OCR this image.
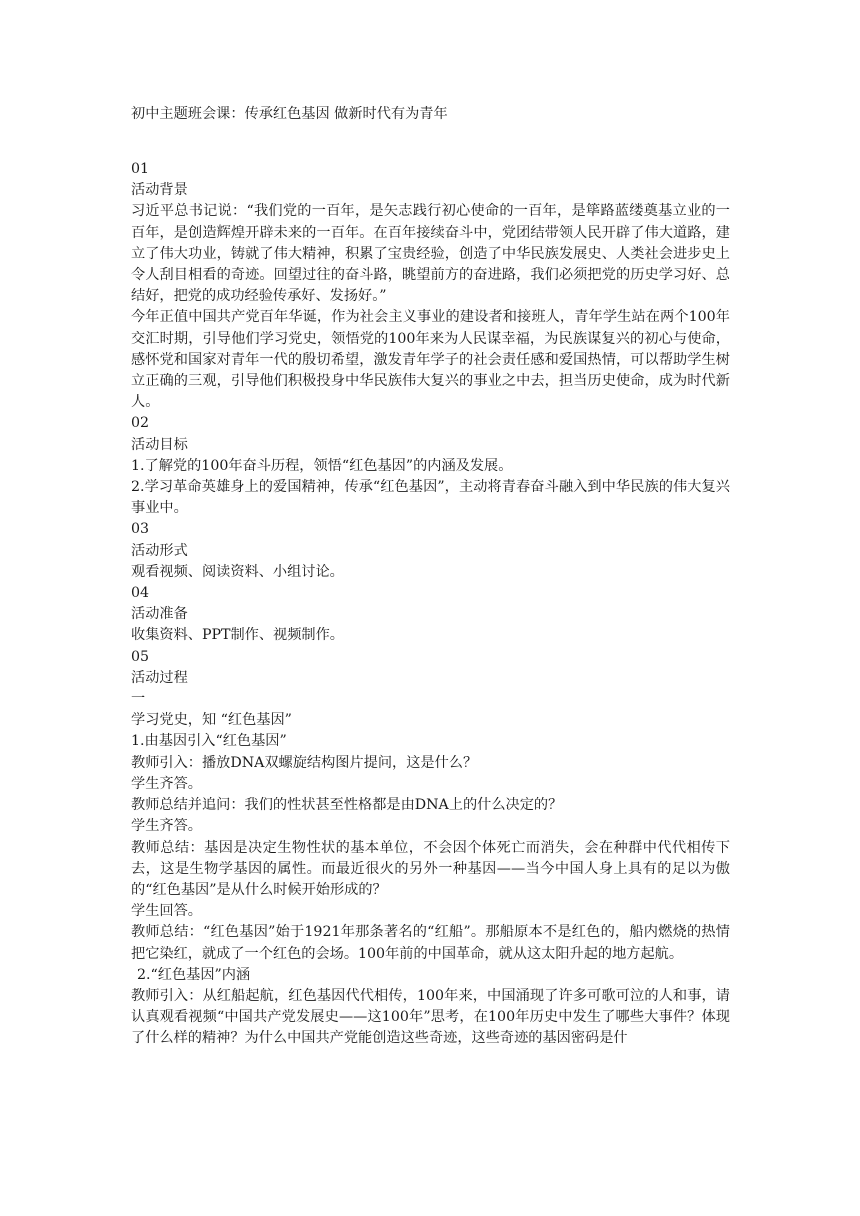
初中主题班会课：传承红色基因 做新时代有为青年

01

活动背景

习近平总书记说：“我们党的一百年，是矢志践行初心使命的一百年，是筚路蓝缕奠基立业的一百年，是创造辉煌开辟未来的一百年。在百年接续奋斗中，党团结带领人民开辟了伟大道路，建立了伟大功业，铸就了伟大精神，积累了宝贵经验，创造了中华民族发展史、人类社会进步史上令人刮目相看的奇迹。回望过往的奋斗路，眺望前方的奋进路，我们必须把党的历史学习好、总结好，把党的成功经验传承好、发扬好。”

今年正值中国共产党百年华诞，作为社会主义事业的建设者和接班人，青年学生站在两个100年交汇时期，引导他们学习党史，领悟党的100年来为人民谋幸福，为民族谋复兴的初心与使命，感怀党和国家对青年一代的殷切希望，激发青年学子的社会责任感和爱国热情，可以帮助学生树立正确的三观，引导他们积极投身中华民族伟大复兴的事业之中去，担当历史使命，成为时代新人。

02

活动目标

1.了解党的100年奋斗历程，领悟“红色基因”的内涵及发展。

2.学习革命英雄身上的爱国精神，传承“红色基因”，主动将青春奋斗融入到中华民族的伟大复兴事业中。

03

活动形式

观看视频、阅读资料、小组讨论。

04

活动准备

收集资料、PPT制作、视频制作。

05

活动过程

一

学习党史，知 “红色基因”

1.由基因引入“红色基因”

教师引入：播放DNA双螺旋结构图片提问，这是什么？

学生齐答。

教师总结并追问：我们的性状甚至性格都是由DNA上的什么决定的？

学生齐答。

教师总结：基因是决定生物性状的基本单位，不会因个体死亡而消失，会在种群中代代相传下去，这是生物学基因的属性。而最近很火的另外一种基因——当今中国人身上具有的足以为傲的“红色基因”是从什么时候开始形成的？

学生回答。

教师总结：“红色基因”始于1921年那条著名的“红船”。那船原本不是红色的，船内燃烧的热情把它染红，就成了一个红色的会场。100年前的中国革命，就从这太阳升起的地方起航。

2.“红色基因”内涵

教师引入：从红船起航，红色基因代代相传，100年来，中国涌现了许多可歌可泣的人和事，请认真观看视频“中国共产党发展史——这100年”思考，在100年历史中发生了哪些大事件？体现了什么样的精神？为什么中国共产党能创造这些奇迹，这些奇迹的基因密码是什
